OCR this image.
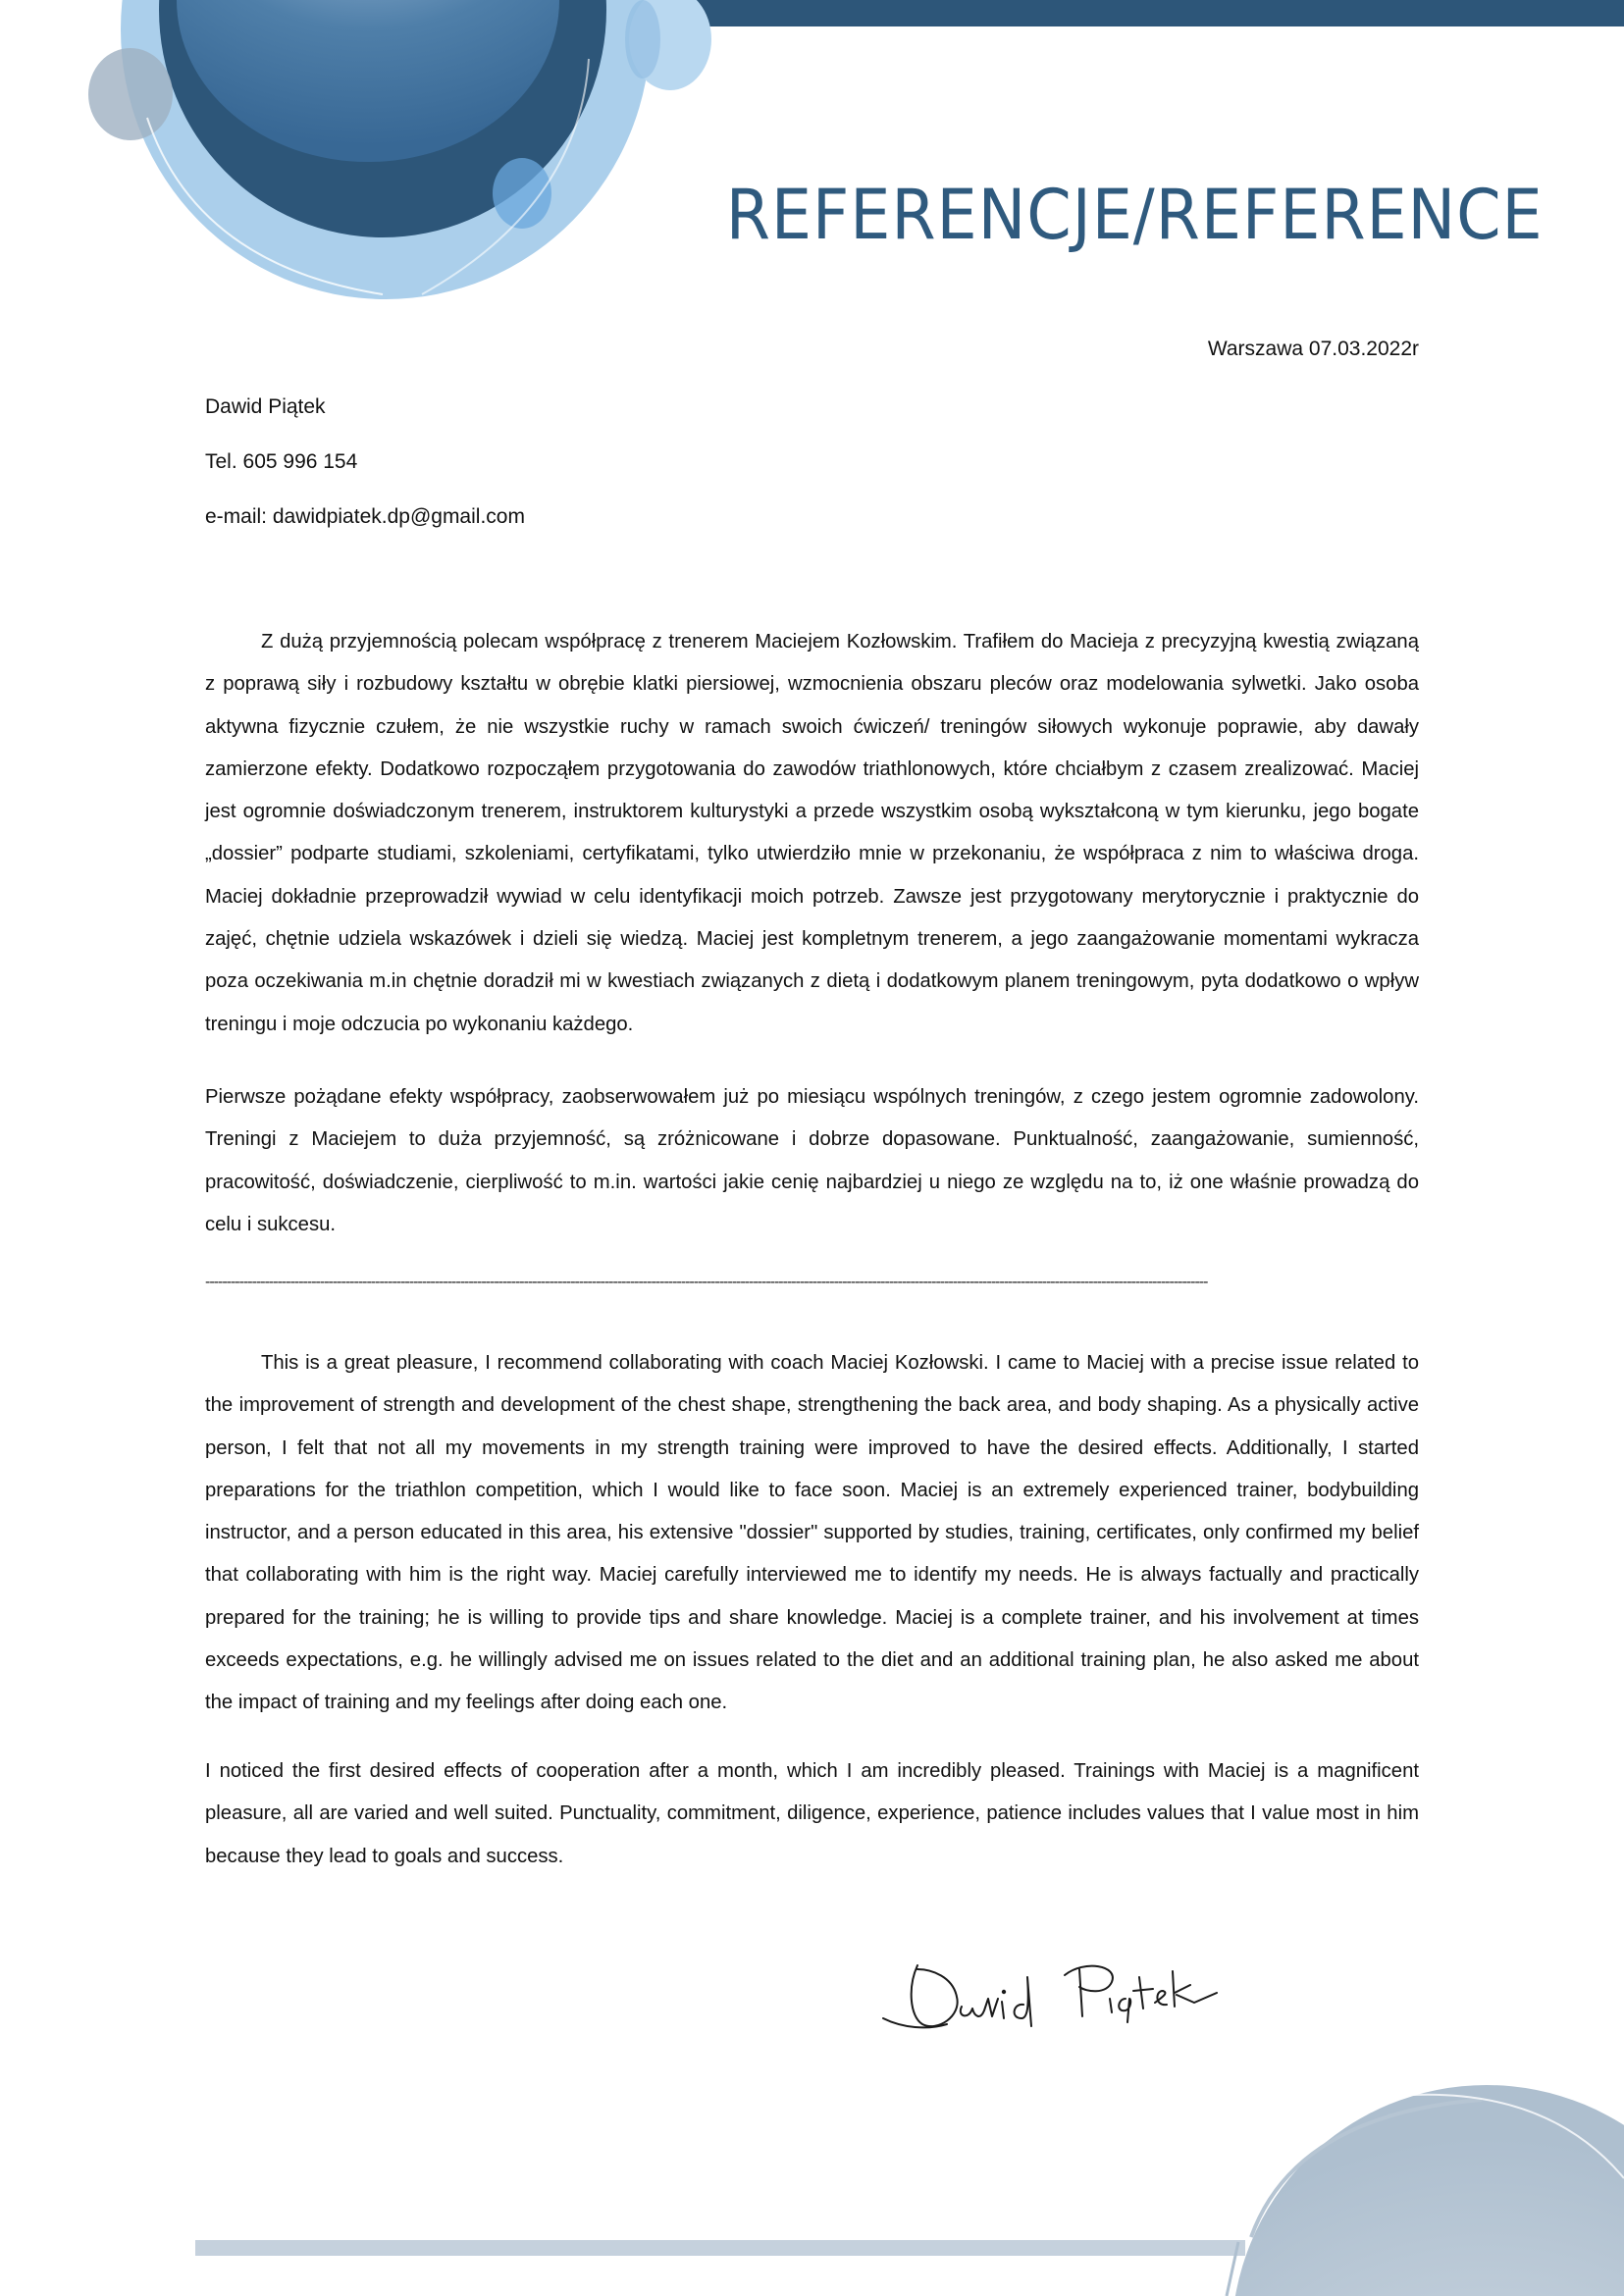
REFERENCJE/REFERENCE
Warszawa 07.03.2022r
Dawid Piątek
Tel. 605 996 154
e-mail: dawidpiatek.dp@gmail.com

Z dużą przyjemnością polecam współpracę z trenerem Maciejem Kozłowskim. Trafiłem do Macieja z precyzyjną kwestią związaną z poprawą siły i rozbudowy kształtu w obrębie klatki piersiowej, wzmocnienia obszaru pleców oraz modelowania sylwetki. Jako osoba aktywna fizycznie czułem, że nie wszystkie ruchy w ramach swoich ćwiczeń/ treningów siłowych wykonuje poprawie, aby dawały zamierzone efekty. Dodatkowo rozpocząłem przygotowania do zawodów triathlonowych, które chciałbym z czasem zrealizować. Maciej jest ogromnie doświadczonym trenerem, instruktorem kulturystyki a przede wszystkim osobą wykształconą w tym kierunku, jego bogate „dossier” podparte studiami, szkoleniami, certyfikatami, tylko utwierdziło mnie w przekonaniu, że współpraca z nim to właściwa droga. Maciej dokładnie przeprowadził wywiad w celu identyfikacji moich potrzeb. Zawsze jest przygotowany merytorycznie i praktycznie do zajęć, chętnie udziela wskazówek i dzieli się wiedzą. Maciej jest kompletnym trenerem, a jego zaangażowanie momentami wykracza poza oczekiwania m.in chętnie doradził mi w kwestiach związanych z dietą i dodatkowym planem treningowym, pyta dodatkowo o wpływ treningu i moje odczucia po wykonaniu każdego.

Pierwsze pożądane efekty współpracy, zaobserwowałem już po miesiącu wspólnych treningów, z czego jestem ogromnie zadowolony. Treningi z Maciejem to duża przyjemność, są zróżnicowane i dobrze dopasowane. Punktualność, zaangażowanie, sumienność, pracowitość, doświadczenie, cierpliwość to m.in. wartości jakie cenię najbardziej u niego ze względu na to, iż one właśnie prowadzą do celu i sukcesu.

--------------------------------------------------------------------------------------------------------------------------------------------------------------------------------------------------------------------------------------------

This is a great pleasure, I recommend collaborating with coach Maciej Kozłowski. I came to Maciej with a precise issue related to the improvement of strength and development of the chest shape, strengthening the back area, and body shaping. As a physically active person, I felt that not all my movements in my strength training were improved to have the desired effects. Additionally, I started preparations for the triathlon competition, which I would like to face soon. Maciej is an extremely experienced trainer, bodybuilding instructor, and a person educated in this area, his extensive "dossier" supported by studies, training, certificates, only confirmed my belief that collaborating with him is the right way. Maciej carefully interviewed me to identify my needs. He is always factually and practically prepared for the training; he is willing to provide tips and share knowledge. Maciej is a complete trainer, and his involvement at times exceeds expectations, e.g. he willingly advised me on issues related to the diet and an additional training plan, he also asked me about the impact of training and my feelings after doing each one.

I noticed the first desired effects of cooperation after a month, which I am incredibly pleased. Trainings with Maciej is a magnificent pleasure, all are varied and well suited. Punctuality, commitment, diligence, experience, patience includes values that I value most in him because they lead to goals and success.
